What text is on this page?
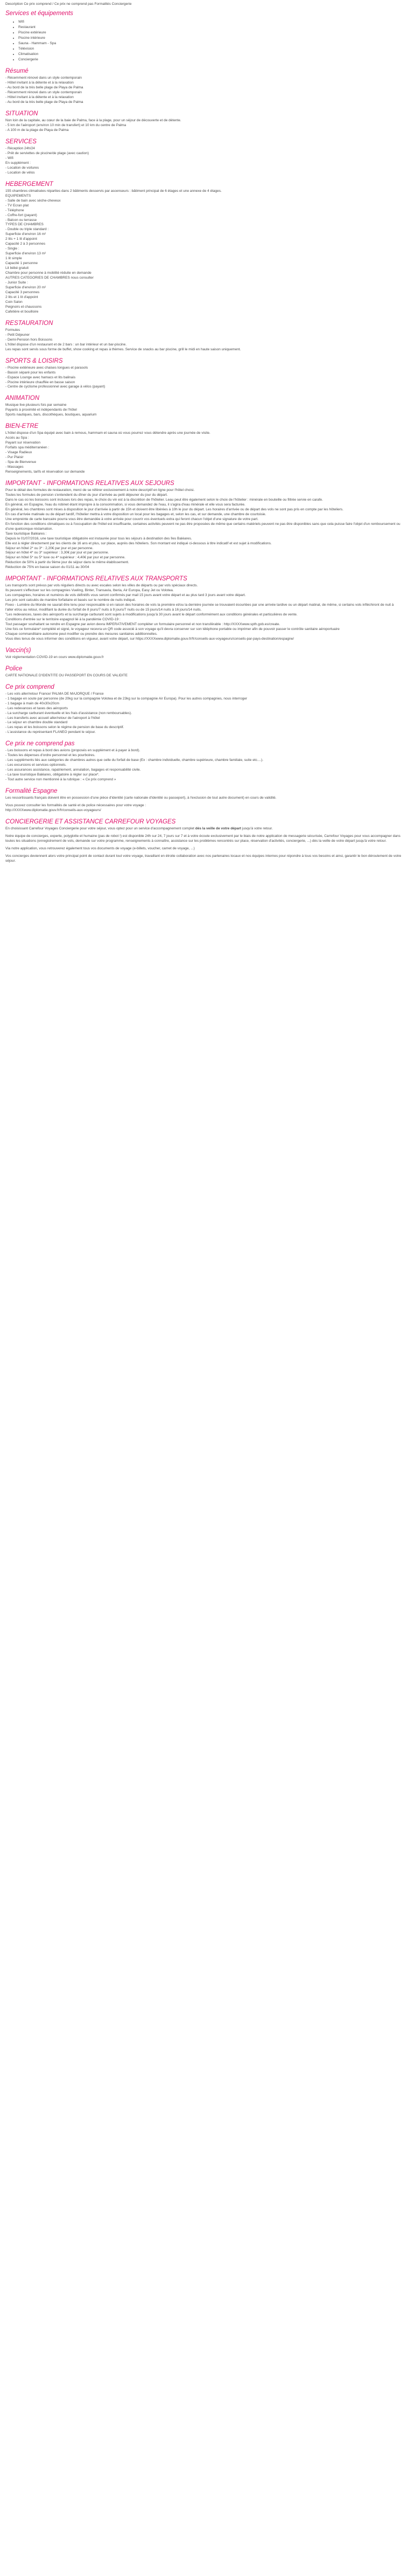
Description Ce prix comprend / Ce prix ne comprend pas Formalités Conciergerie

Services et équipements
• Wifi
• Restaurant
• Piscine extérieure
• Piscine intérieure
• Sauna - Hammam - Spa
• Télévision
• Climatisation
• Conciergerie
Résumé

- Récemment rénové dans un style contemporain

- Hôtel invitant à la détente et à la relaxation

- Au bord de la très belle plage de Playa de Palma

- Récemment rénové dans un style contemporain

- Hôtel invitant à la détente et à la relaxation

- Au bord de la très belle plage de Playa de Palma

SITUATION

Non loin de la capitale, au cœur de la baie de Palma, face à la plage, pour un séjour de découverte et de détente.

- 5 km de l'aéroport (environ 10 min de transfert) et 10 km du centre de Palma

- A 100 m de la plage de Playa de Palma

SERVICES

- Réception 24h/24

- Prêt de serviettes de piscine/de plage (avec caution)

- Wifi

En supplément :

- Location de voitures

- Location de vélos

HEBERGEMENT

155 chambres climatisées réparties dans 2 bâtiments desservis par ascenseurs : bâtiment principal de 6 étages et une annexe de 4 étages.

EQUIPEMENTS

- Salle de bain avec sèche-cheveux

- TV Ecran plat

- Téléphone

- Coffre-fort (payant)

- Balcon ou terrasse

TYPES DE CHAMBRES

- Double ou triple standard :

Superficie d'environ 16 m²

2 lits + 1 lit d'appoint

Capacité 2 à 3 personnes

- Single :

Superficie d'environ 13 m²

1 lit simple

Capacité 1 personne

Lit bébé gratuit

Chambre pour personne à mobilité réduite en demande

AUTRES CATEGORIES DE CHAMBRES nous consulter

- Junior Suite :

Superficie d'environ 20 m²

Capacité 3 personnes

2 lits et 1 lit d'appoint

Coin Salon

Peignoirs et chaussons

Cafetière et bouilloire

RESTAURATION

Formules

- Petit Déjeuner

- Demi-Pension hors Boissons

L'hôtel dispose d'un restaurant et de 2 bars : un bar intérieur et un bar-piscine.

Les repas sont servis sous forme de buffet, show cooking et repas à thèmes. Service de snacks au bar piscine, grill le midi en haute saison uniquement.

SPORTS & LOISIRS

- Piscine extérieure avec chaises longues et parasols

- Bassin séparé pour les enfants

- Espace Lounge avec hamacs et lits balinais

- Piscine intérieure chauffée en basse saison

- Centre de cyclisme professionnel avec garage à vélos (payant)

ANIMATION

Musique live plusieurs fois par semaine

Payants à proximité et indépendants de l'hôtel

Sports nautiques, bars, discothèques, boutiques, aquarium

BIEN-ETRE

L'hôtel dispose d'un Spa équipé avec bain à remous, hammam et sauna où vous pourrez vous détendre après une journée de visite.

Accès au Spa :

Payant sur réservation

Forfaits spa méditerranéen :

- Visage Radieux

- Pur Plaisir

- Spa de Bienvenue

- Massages

Renseignements, tarifs et réservation sur demande

IMPORTANT - INFORMATIONS RELATIVES AUX SEJOURS

Pour le détail des formules de restauration, merci de se référer exclusivement à notre descriptif en ligne pour l'hôtel choisi.

Toutes les formules de pension s'entendent du dîner du jour d'arrivée au petit déjeuner du jour du départ.

Dans le cas où les boissons sont incluses lors des repas, le choix du vin est à la discrétion de l'hôtelier. Leau peut être également selon le choix de l'hôtelier : minérale en bouteille ou filtrée servie en carafe.

En général, en Espagne, l'eau du robinet étant impropre à la consommation, si vous demandez de l'eau, il s'agira d'eau minérale et elle vous sera facturée.

En général, les chambres sont mises à disposition le jour d'arrivée à partir de 15h et doivent être libérées à 10h le jour du départ. Les horaires d'arrivée ou de départ des vols ne sont pas pris en compte par les hôteliers.

En cas d'arrivée matinale ou de départ tardif, l'hôtelier mettra à votre disposition un local pour les bagages et, selon les cas, et sur demande, une chambre de courtoisie.

Une empreinte de carte bancaire pourra vous être demandée à votre arrivée pour couvrir vos éventuels extra qui feront chacun l'objet d'une signature de votre part.

En fonction des conditions climatiques ou à l'occupation de l'hôtel est insuffisante, certaines activités peuvent ne pas être proposées de même que certains matériels peuvent ne pas être disponibles sans que cela puisse faire l'objet d'un remboursement ou d'une quelconque réclamation.

Taxe touristique Baléares :

Depuis le 01/07/2016, une taxe touristique obligatoire est instaurée pour tous les séjours à destination des îles Baléares.

Elle est à régler directement par les clients de 16 ans et plus, sur place, auprès des hôteliers. Son montant est indiqué ci-dessous à titre indicatif et est sujet à modifications.

Séjour en hôtel 2* ou 3* : 2,20€ par jour et par personne.

Séjour en hôtel 4* ou 3* supérieur : 3,30€ par jour et par personne.

Séjour en hôtel 5* ou 5* luxe ou 4* supérieur : 4,40€ par jour et par personne.

Réduction de 50% à partir du 9ème jour de séjour dans le même établissement.

Réduction de 75% en basse saison du 01/11 au 30/04

IMPORTANT - INFORMATIONS RELATIVES AUX TRANSPORTS

Les transports sont prévus par vols réguliers directs ou avec escales selon les villes de départs ou par vols spéciaux directs.

Ils peuvent s'effectuer sur les compagnies Vueling, Binter, Transavia, Iberia, Air Europa, Easy Jet ou Volotea.

Les compagnies, horaires et numéros de vols définitifs vous seront confirmés par mail 15 jours avant votre départ et au plus tard 3 jours avant votre départ.

Les prix sont calculés de manière forfaitaire et basés sur le nombre de nuits indiqué.

Fixeo - Lumière du Monde ne saurait être tenu pour responsable si en raison des horaires de vols la première et/ou la dernière journée se trouvaient écourtées par une arrivée tardive ou un départ matinal, de même, si certains vols infléchiront de nuit à l'aller et/ou au retour, modifiant la durée du forfait de 8 jours/7 nuits à 9 jours/7 nuits ou de 15 jours/14 nuits à 16 jours/14 nuits.

"Les redevances, taxes des aéroports et la surcharge carburant sont sujets à modifications jusqu'à 30 jours avant le départ conformément aux conditions générales et particulières de vente.

Conditions d'entrée sur le territoire espagnol lié à la pandémie COVID-19 :

Tout passager souhaitant se rendre en Espagne par avion devra IMPERATIVEMENT compléter un formulaire personnel et non transférable : http://XXXXwww.spth.gob.es/create.

Une fois ce formulaire* complété et signé, le voyageur recevra un QR code associé à son voyage qu'il devra conserver sur son téléphone portable ou imprimer afin de pouvoir passer le contrôle sanitaire aéroportuaire

Chaque commanditaire autonome peut modifier ou prendre des mesures sanitaires additionnelles.

Vous êtes tenus de vous informer des conditions en vigueur, avant votre départ, sur https://XXXXwww.diplomatie.gouv.fr/fr/conseils-aux-voyageurs/conseils-par-pays-destination/espagne/

Vaccin(s)

Voir réglementation COVID-19 en cours www.diplomatie.gouv.fr

Police

CARTE NATIONALE D'IDENTITE OU PASSEPORT EN COURS DE VALIDITE

Ce prix comprend

- Les vols aller/retour France/ PALMA DE MAJORQUE / France

- 1 bagage en soute par personne (de 20kg sur la compagnie Volotea et de 23kg sur la compagnie Air Europa). Pour les autres compagnies, nous interroger

- 1 bagage à main de 40x30x20cm

- Les redevances et taxes des aéroports

- La surcharge carburant éventuelle et les frais d'assistance (non remboursables).

- Les transferts avec accueil aller/retour de l'aéroport à l'hôtel

- Le séjour en chambre double standard

- Les repas et les boissons selon le régime de pension de base du descriptif.

- L'assistance du représentant FLANEO pendant le séjour.

Ce prix ne comprend pas

- Les boissons et repas à bord des avions (proposés en supplément et à payer à bord).

- Toutes les dépenses d'ordre personnel et les pourboires.

- Les suppléments liés aux catégories de chambres autres que celle du forfait de base (Ex : chambre individuelle, chambre supérieure, chambre familiale, suite etc....).

- Les excursions et services optionnels.

- Les assurances assistance, rapatriement, annulation, bagages et responsabilité civile.

- La taxe touristique Baléares, obligatoire à régler sur place*.

- Tout autre service non mentionné à la rubrique : « Ce prix comprend »

Formalité Espagne

Les ressortissants français doivent être en possession d'une pièce d'identité (carte nationale d'identité ou passeport), à l'exclusion de tout autre document) en cours de validité.

Vous pouvez consulter les formalités de santé et de police nécessaires pour votre voyage :

http://XXXXwww.diplomatie.gouv.fr/fr/conseils-aux-voyageurs/

CONCIERGERIE ET ASSISTANCE CARREFOUR VOYAGES

En choisissant Carrefour Voyages Conciergerie pour votre séjour, vous optez pour un service d'accompagnement complet dès la veille de votre départ jusqu'à votre retour.

Notre équipe de concierges, experte, polyglotte et humaine (pas de robot !) est disponible 24h sur 24, 7 jours sur 7 et à votre écoute exclusivement par le biais de notre application de messagerie sécurisée, Carrefour Voyages pour vous accompagner dans toutes les situations (enregistrement de vols, demande sur votre programme, renseignements à connaître, assistance sur les problèmes rencontrés sur place, réservation d'activités, conciergerie, ...) dès la veille de votre départ jusqu'à votre retour.

Via notre application, vous retrouverez également tous vos documents de voyage (e-billets, voucher, carnet de voyage, ...)

Vos concierges deviennent alors votre principal point de contact durant tout votre voyage, travaillant en étroite collaboration avec nos partenaires locaux et nos équipes internes pour répondre à tous vos besoins et ainsi, garantir le bon déroulement de votre séjour.
